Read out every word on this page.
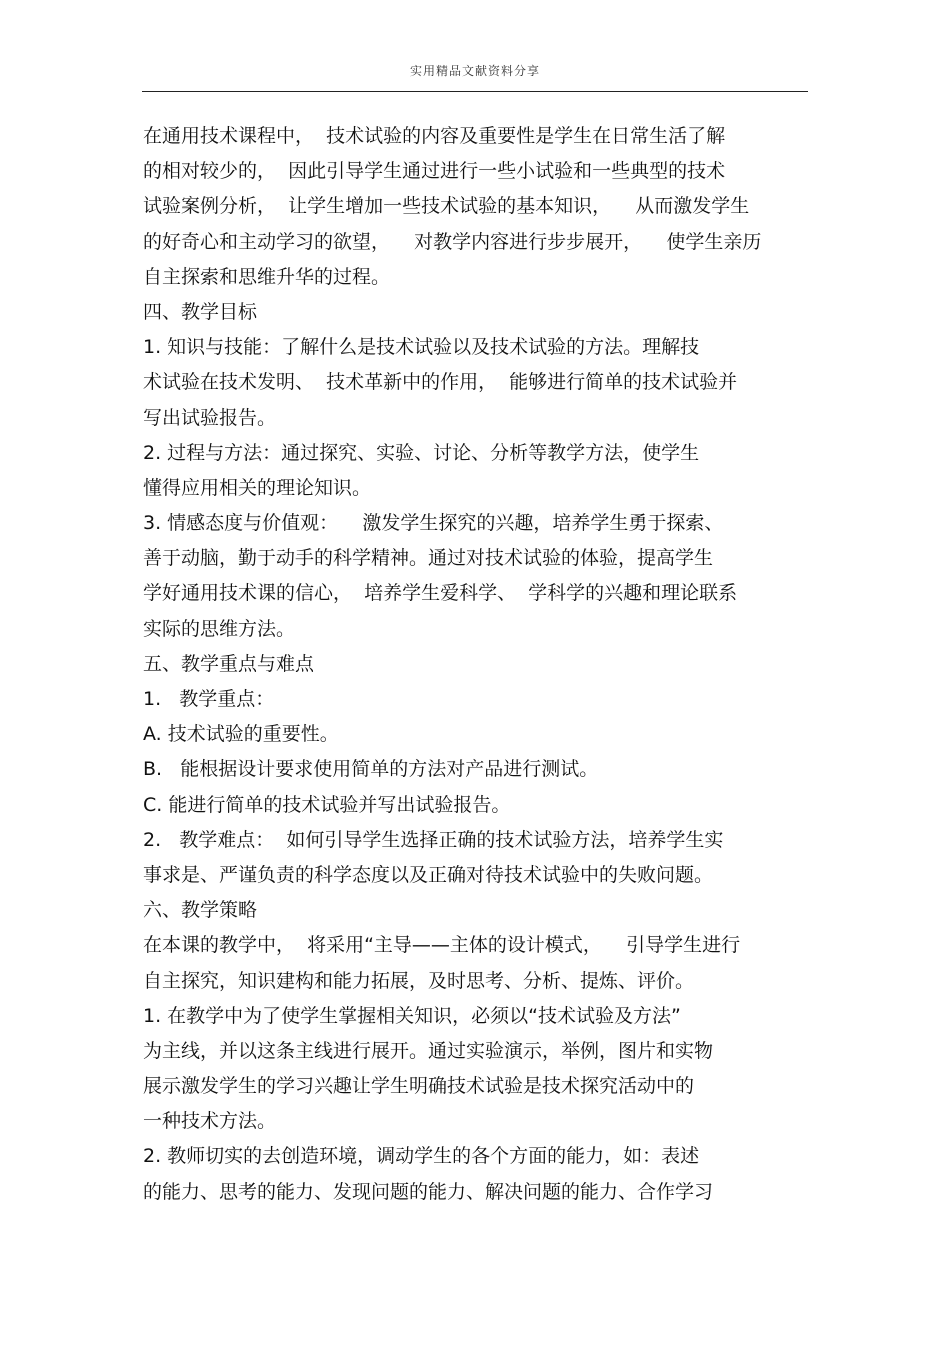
实用精品文献资料分享
在通用技术课程中，  技术试验的内容及重要性是学生在日常生活了解
的相对较少的，  因此引导学生通过进行一些小试验和一些典型的技术
试验案例分析，  让学生增加一些技术试验的基本知识，    从而激发学生
的好奇心和主动学习的欲望，    对教学内容进行步步展开，    使学生亲历
自主探索和思维升华的过程。
四、教学目标
1. 知识与技能：了解什么是技术试验以及技术试验的方法。理解技
术试验在技术发明、  技术革新中的作用，  能够进行简单的技术试验并
写出试验报告。
2. 过程与方法：通过探究、实验、讨论、分析等教学方法，使学生
懂得应用相关的理论知识。
3. 情感态度与价值观：    激发学生探究的兴趣，培养学生勇于探索、
善于动脑，勤于动手的科学精神。通过对技术试验的体验，提高学生
学好通用技术课的信心，  培养学生爱科学、  学科学的兴趣和理论联系
实际的思维方法。
五、教学重点与难点
1.   教学重点：
A. 技术试验的重要性。
B.   能根据设计要求使用简单的方法对产品进行测试。
C. 能进行简单的技术试验并写出试验报告。
2.   教学难点：  如何引导学生选择正确的技术试验方法，培养学生实
事求是、严谨负责的科学态度以及正确对待技术试验中的失败问题。
六、教学策略
在本课的教学中，  将采用“主导——主体的设计模式，    引导学生进行
自主探究，知识建构和能力拓展，及时思考、分析、提炼、评价。
1. 在教学中为了使学生掌握相关知识，必须以“技术试验及方法”
为主线，并以这条主线进行展开。通过实验演示，举例，图片和实物
展示激发学生的学习兴趣让学生明确技术试验是技术探究活动中的
一种技术方法。
2. 教师切实的去创造环境，调动学生的各个方面的能力，如：表述
的能力、思考的能力、发现问题的能力、解决问题的能力、合作学习
